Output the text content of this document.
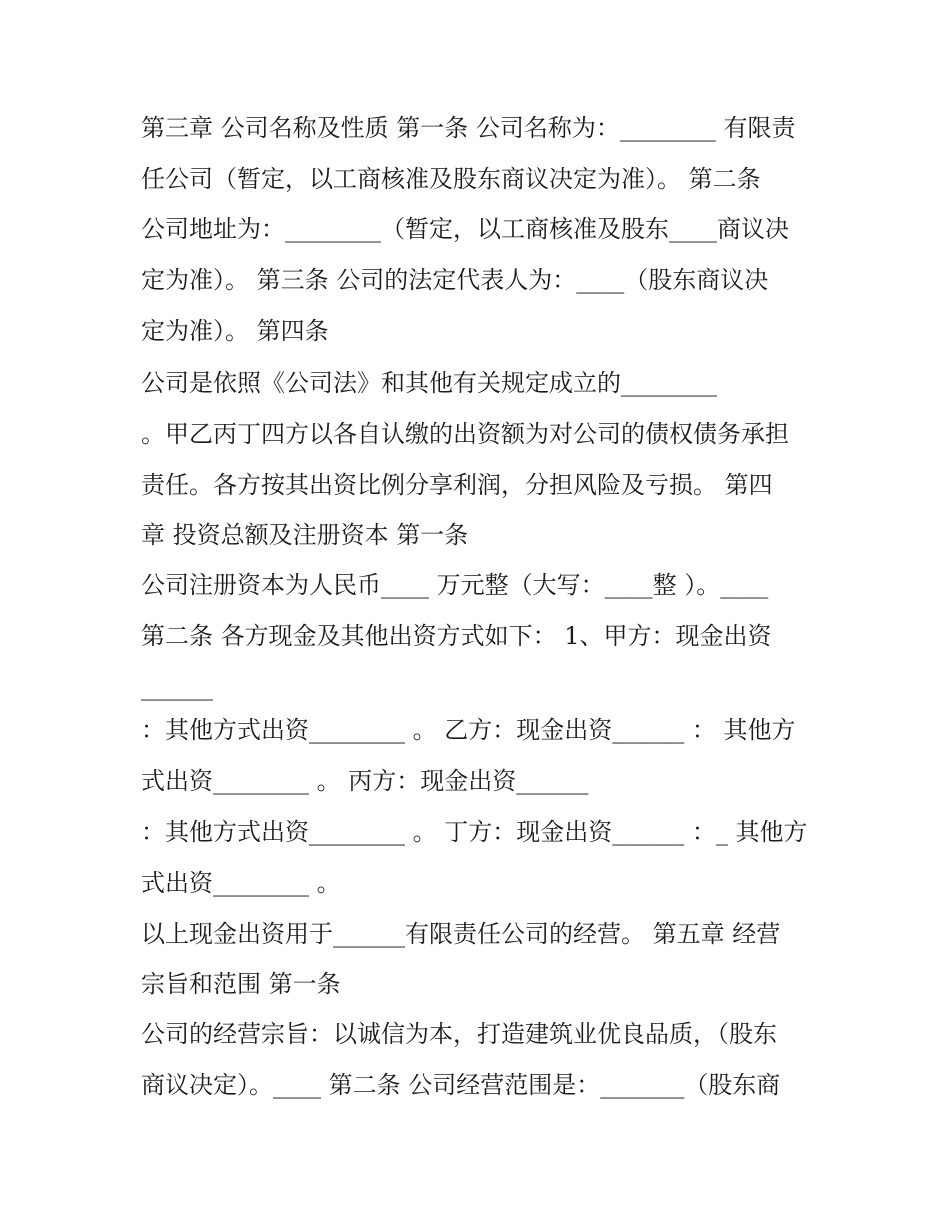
第三章 公司名称及性质 第一条 公司名称为：________ 有限责

任公司（暂定，以工商核准及股东商议决定为准）。 第二条

公司地址为：________（暂定，以工商核准及股东____商议决

定为准）。 第三条 公司的法定代表人为：____（股东商议决

定为准）。 第四条

公司是依照《公司法》和其他有关规定成立的________

。甲乙丙丁四方以各自认缴的出资额为对公司的债权债务承担

责任。各方按其出资比例分享利润，分担风险及亏损。 第四

章 投资总额及注册资本 第一条

公司注册资本为人民币____ 万元整（大写：____整 ）。____

第二条 各方现金及其他出资方式如下： 1、甲方：现金出资

______

：其他方式出资________ 。 乙方：现金出资______ ： 其他方

式出资________ 。 丙方：现金出资______

：其他方式出资________ 。 丁方：现金出资______ ：_ 其他方

式出资________ 。

以上现金出资用于______有限责任公司的经营。 第五章 经营

宗旨和范围 第一条

公司的经营宗旨：以诚信为本，打造建筑业优良品质，（股东

商议决定）。____ 第二条 公司经营范围是：_______（股东商
